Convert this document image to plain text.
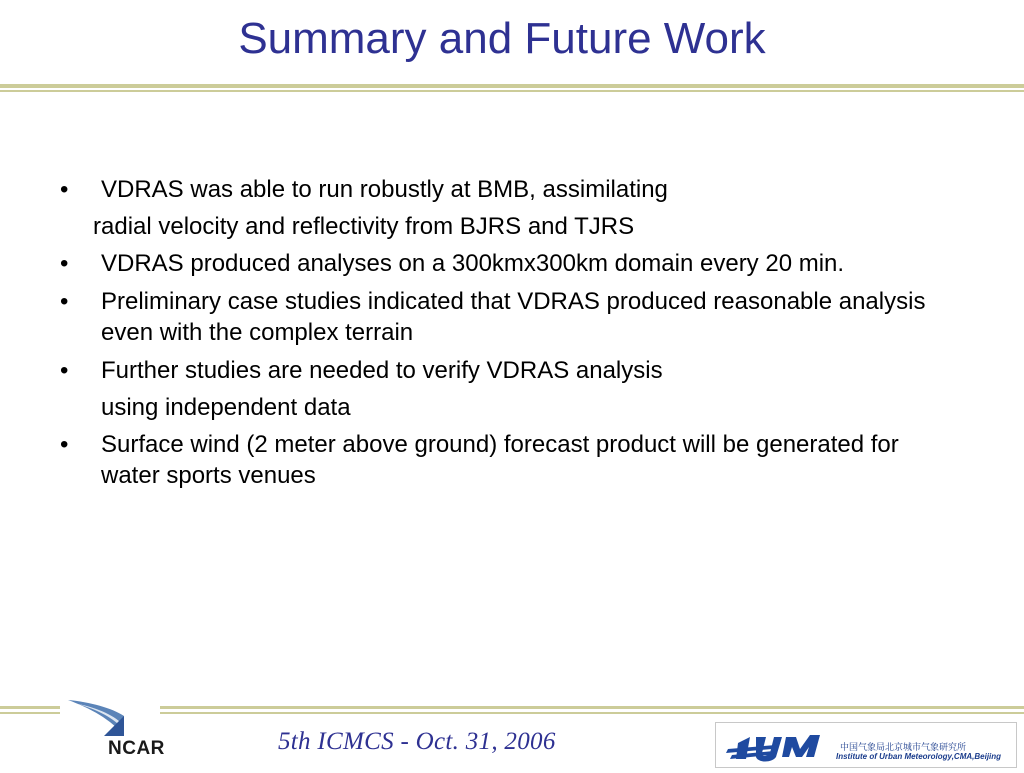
Summary and Future Work
• VDRAS was able to run robustly at BMB, assimilating
radial velocity and reflectivity from BJRS and TJRS
• VDRAS produced analyses on a 300kmx300km domain every 20 min.
• Preliminary case studies indicated that VDRAS produced reasonable analysis even with the complex terrain
• Further studies are needed to verify VDRAS analysis
using independent data
• Surface wind (2 meter above ground) forecast product will be generated for water sports venues
NCAR	5th ICMCS - Oct. 31, 2006	中国气象局北京城市气象研究所
Institute of Urban Meteorology,CMA,Beijing
